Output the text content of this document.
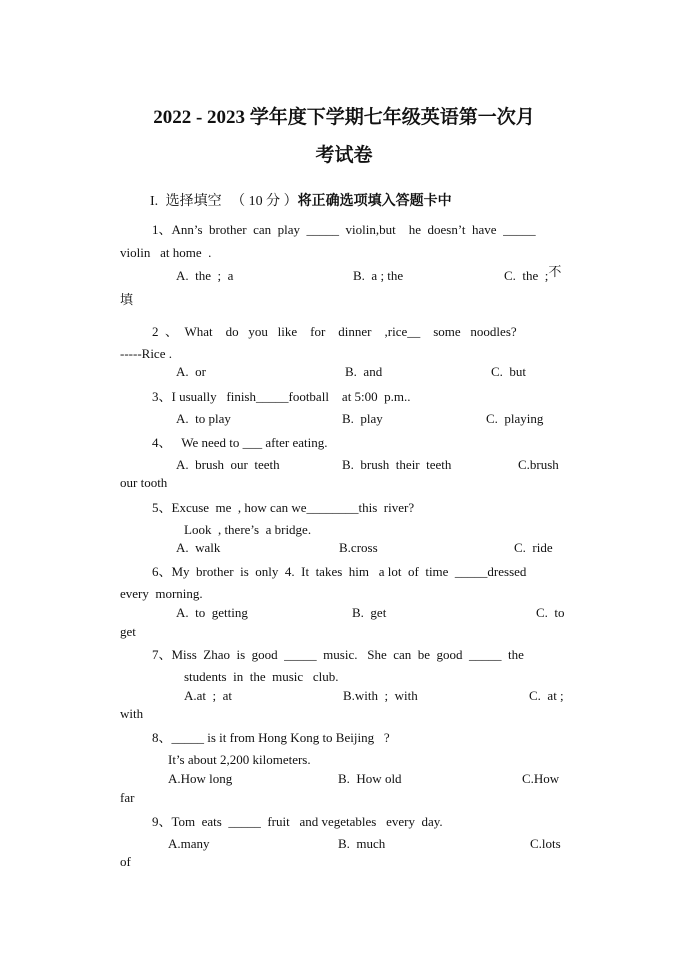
2022 - 2023 学年度下学期七年级英语第一次月
考试卷
I. 选择填空 （ 10 分 ）将正确选项填入答题卡中
1、Ann’s  brother  can  play  _____  violin,but    he  doesn’t  have  _____
violin   at home  .
A.  the  ;  a	B.  a ; the	C.  the  ;不
填
2  、  What    do   you   like    for    dinner    ,rice__    some   noodles?
-----Rice .
A.  or	B.  and	C.  but
3、I usually   finish_____football    at 5:00  p.m..
A.  to play	B.  play	C.  playing
4、   We need to ___ after eating.
A.  brush  our  teeth	B.  brush  their  teeth	C.brush
our tooth
5、Excuse  me  , how can we________this  river?
Look  , there’s  a bridge.
A.  walk	B.cross	C.  ride
6、My  brother  is  only  4.  It  takes  him   a lot  of  time  _____dressed
every  morning.
A.  to  getting	B.  get	C.  to
get
7、Miss  Zhao  is  good  _____  music.   She  can  be  good  _____  the
students  in  the  music   club.
A.at  ;  at	B.with  ;  with	C.  at ;
with
8、_____ is it from Hong Kong to Beijing   ?
It’s about 2,200 kilometers.
A.How long	B.  How old	C.How
far
9、Tom  eats  _____  fruit   and vegetables   every  day.
A.many	B.  much	C.lots
of
